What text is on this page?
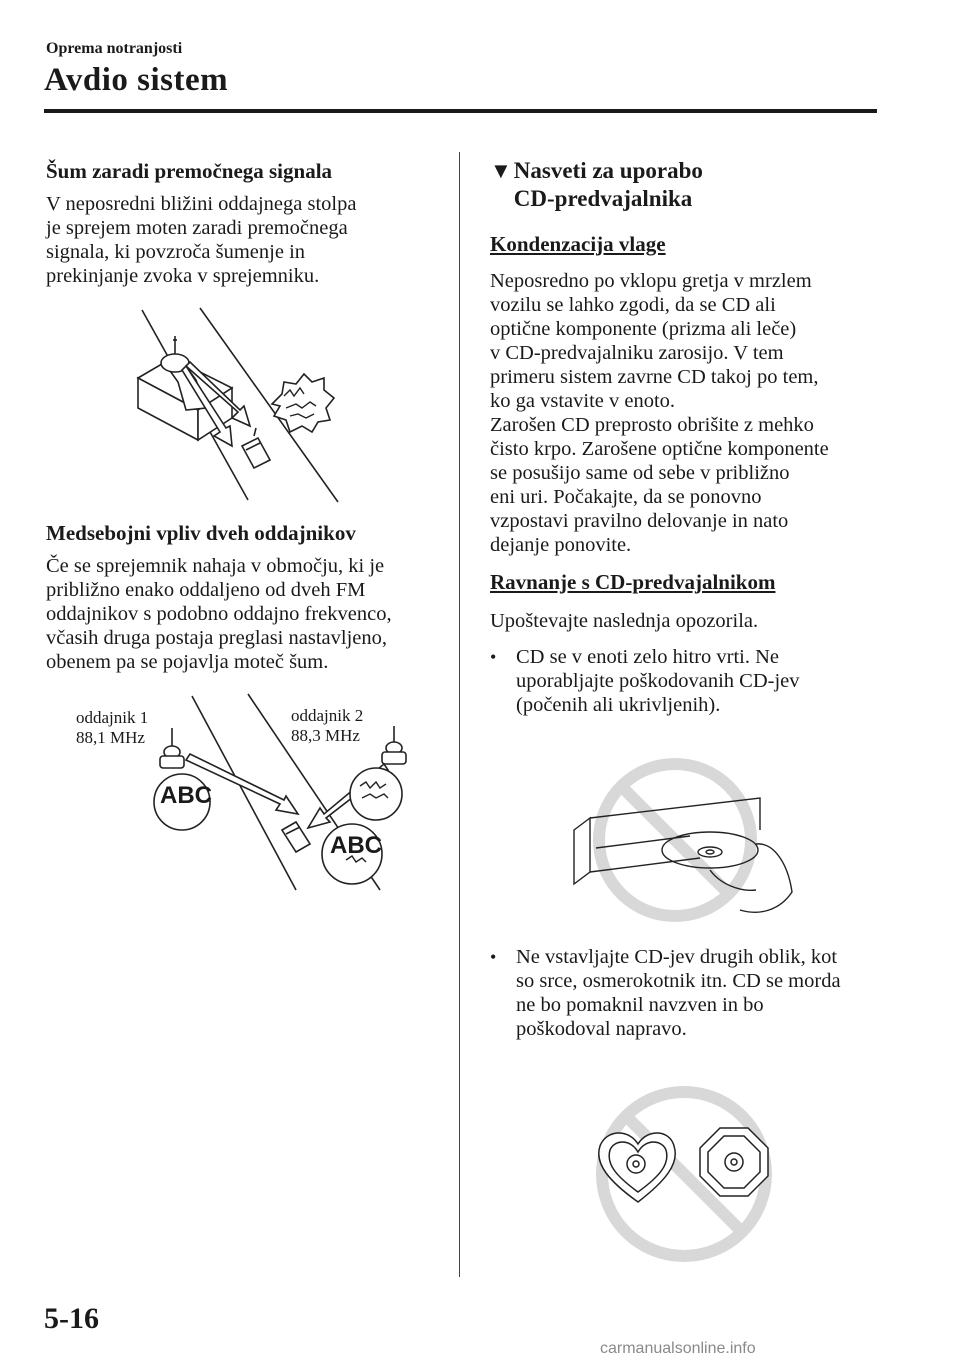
Oprema notranjosti
Avdio sistem
Šum zaradi premočnega signala

V neposredni bližini oddajnega stolpa
je sprejem moten zaradi premočnega
signala, ki povzroča šumenje in
prekinjanje zvoka v sprejemniku.

Medsebojni vpliv dveh oddajnikov

Če se sprejemnik nahaja v območju, ki je
približno enako oddaljeno od dveh FM
oddajnikov s podobno oddajno frekvenco,
včasih druga postaja preglasi nastavljeno,
obenem pa se pojavlja moteč šum.

oddajnik 1
88,1 MHz
oddajnik 2
88,3 MHz
ABC
ABC
▼ Nasveti za uporabo
CD-predvajalnika
Kondenzacija vlage

Neposredno po vklopu gretja v mrzlem
vozilu se lahko zgodi, da se CD ali
optične komponente (prizma ali leče)
v CD-predvajalniku zarosijo. V tem
primeru sistem zavrne CD takoj po tem,
ko ga vstavite v enoto.
Zarošen CD preprosto obrišite z mehko
čisto krpo. Zarošene optične komponente
se posušijo same od sebe v približno
eni uri. Počakajte, da se ponovno
vzpostavi pravilno delovanje in nato
dejanje ponovite.

Ravnanje s CD-predvajalnikom

Upoštevajte naslednja opozorila.

• CD se v enoti zelo hitro vrti. Ne
uporabljajte poškodovanih CD-jev
(počenih ali ukrivljenih).
• Ne vstavljajte CD-jev drugih oblik, kot
so srce, osmerokotnik itn. CD se morda
ne bo pomaknil navzven in bo
poškodoval napravo.
5-16
carmanualsonline.info
